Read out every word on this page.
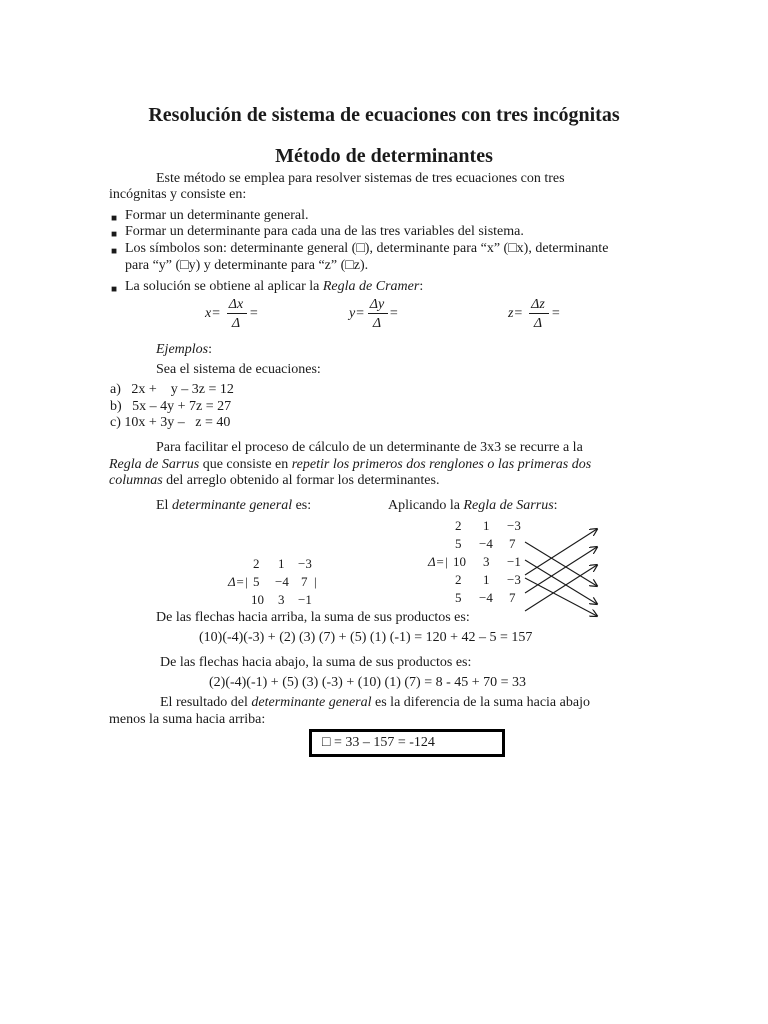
Resolución de sistema de ecuaciones con tres incógnitas
Método de determinantes
Este método se emplea para resolver sistemas de tres ecuaciones con tres
incógnitas y consiste en:
■ Formar un determinante general.
■ Formar un determinante para cada una de las tres variables del sistema.
■ Los símbolos son: determinante general (□), determinante para “x” (□x), determinante
para “y” (□y) y determinante para “z” (□z).
■ La solución se obtiene al aplicar la Regla de Cramer:
x=
Δx
Δ
=	y=
Δy
Δ
=	z=
Δz
Δ
=
Ejemplos:
Sea el sistema de ecuaciones:
a)   2x +    y – 3z = 12
b)   5x – 4y + 7z = 27
c) 10x + 3y –   z = 40
Para facilitar el proceso de cálculo de un determinante de 3x3 se recurre a la
Regla de Sarrus que consiste en repetir los primeros dos renglones o las primeras dos
columnas del arreglo obtenido al formar los determinantes.
El determinante general es:	Aplicando la Regla de Sarrus:
Δ=|	|
2 1 −3
5 −4 7
10 3 −1
Δ=|
2 1 −3
5 −4 7
10 3 −1
2 1 −3
5 −4 7
De las flechas hacia arriba, la suma de sus productos es:
(10)(-4)(-3) + (2) (3) (7) + (5) (1) (-1) = 120 + 42 – 5 = 157
De las flechas hacia abajo, la suma de sus productos es:
(2)(-4)(-1) + (5) (3) (-3) + (10) (1) (7) = 8 - 45 + 70 = 33
El resultado del determinante general es la diferencia de la suma hacia abajo
menos la suma hacia arriba:
□ = 33 – 157 = -124
